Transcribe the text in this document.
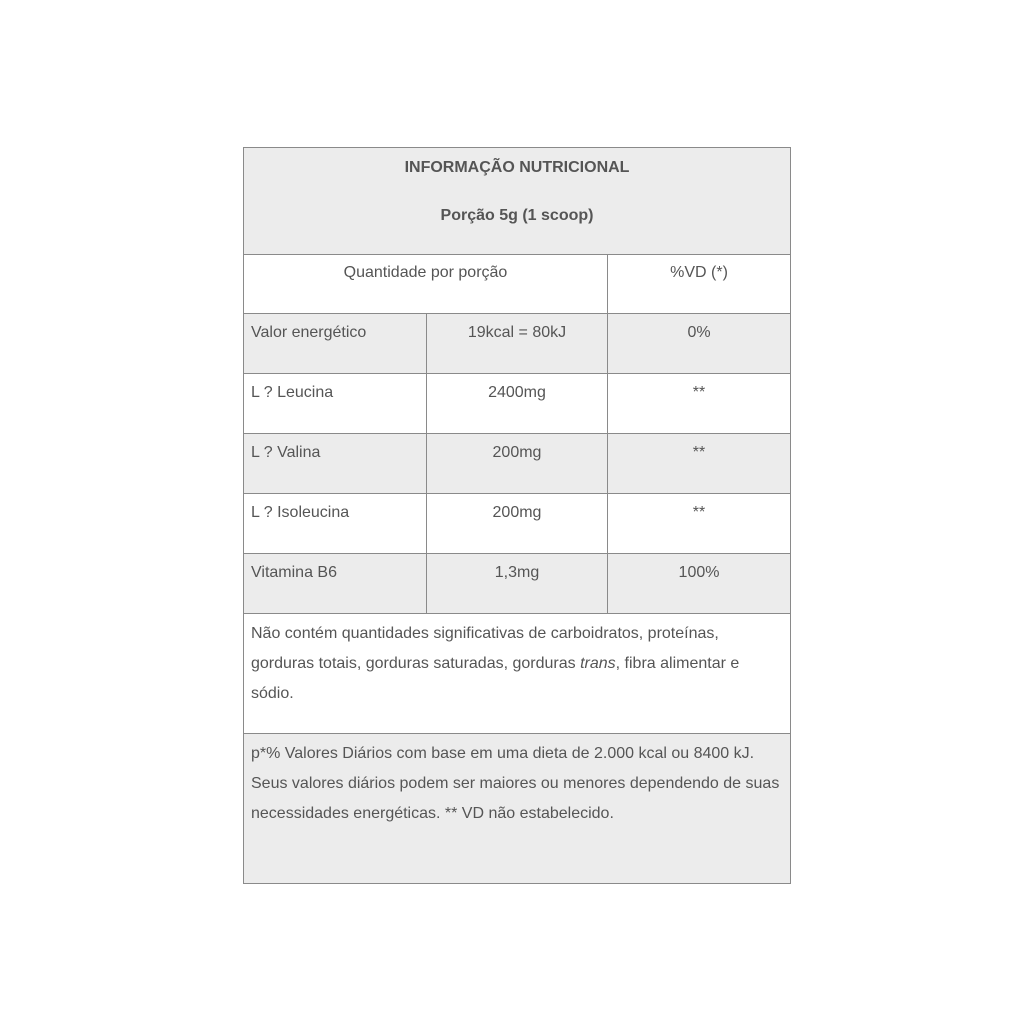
INFORMAÇÃO NUTRICIONAL
Porção 5g (1 scoop)		

Quantidade por porção		%VD (*)
Valor energético	19kcal = 80kJ	0%
L ? Leucina	2400mg	**
L ? Valina	200mg	**
L ? Isoleucina	200mg	**
Vitamina B6	1,3mg	100%
Não contém quantidades significativas de carboidratos, proteínas, gorduras totais, gorduras saturadas, gorduras trans, fibra alimentar e sódio.		
p*% Valores Diários com base em uma dieta de 2.000 kcal ou 8400 kJ. Seus valores diários podem ser maiores ou menores dependendo de suas necessidades energéticas. ** VD não estabelecido.		
